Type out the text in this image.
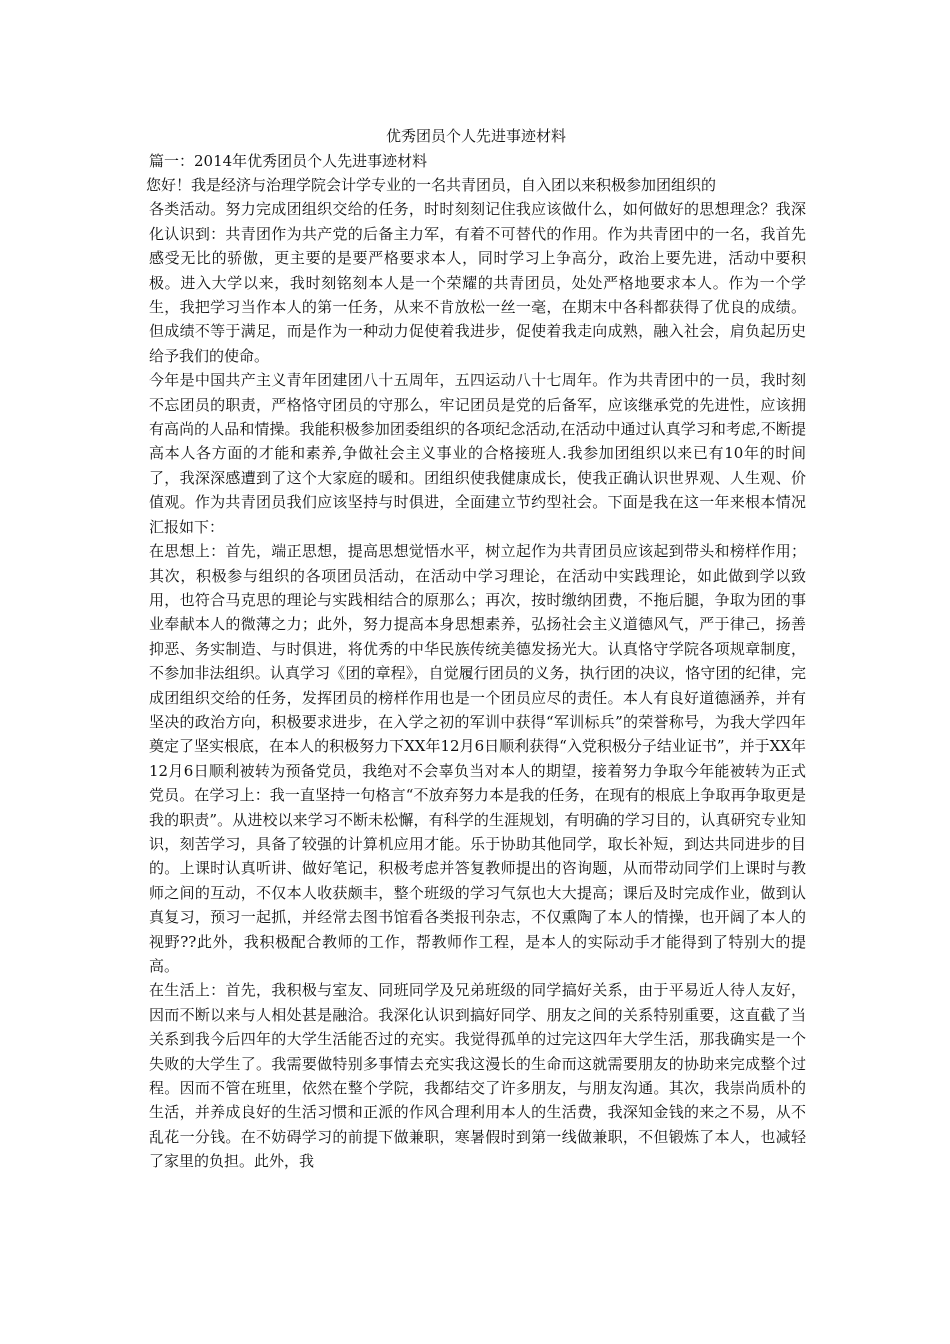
优秀团员个人先进事迹材料
篇一：2014年优秀团员个人先进事迹材料

您好！我是经济与治理学院会计学专业的一名共青团员，自入团以来积极参加团组织的

各类活动。努力完成团组织交给的任务，时时刻刻记住我应该做什么，如何做好的思想理念？我深化认识到：共青团作为共产党的后备主力军，有着不可替代的作用。作为共青团中的一名，我首先感受无比的骄傲，更主要的是要严格要求本人，同时学习上争高分，政治上要先进，活动中要积极。进入大学以来，我时刻铭刻本人是一个荣耀的共青团员，处处严格地要求本人。作为一个学生，我把学习当作本人的第一任务，从来不肯放松一丝一毫，在期末中各科都获得了优良的成绩。但成绩不等于满足，而是作为一种动力促使着我进步，促使着我走向成熟，融入社会，肩负起历史给予我们的使命。

今年是中国共产主义青年团建团八十五周年，五四运动八十七周年。作为共青团中的一员，我时刻不忘团员的职责，严格恪守团员的守那么，牢记团员是党的后备军，应该继承党的先进性，应该拥有高尚的人品和情操。我能积极参加团委组织的各项纪念活动,在活动中通过认真学习和考虑,不断提高本人各方面的才能和素养,争做社会主义事业的合格接班人.我参加团组织以来已有10年的时间了，我深深感遭到了这个大家庭的暖和。团组织使我健康成长，使我正确认识世界观、人生观、价值观。作为共青团员我们应该坚持与时俱进，全面建立节约型社会。下面是我在这一年来根本情况汇报如下：

在思想上：首先，端正思想，提高思想觉悟水平，树立起作为共青团员应该起到带头和榜样作用；其次，积极参与组织的各项团员活动，在活动中学习理论，在活动中实践理论，如此做到学以致用，也符合马克思的理论与实践相结合的原那么；再次，按时缴纳团费，不拖后腿，争取为团的事业奉献本人的微薄之力；此外，努力提高本身思想素养，弘扬社会主义道德风气，严于律己，扬善抑恶、务实制造、与时俱进，将优秀的中华民族传统美德发扬光大。认真恪守学院各项规章制度，不参加非法组织。认真学习《团的章程》，自觉履行团员的义务，执行团的决议，恪守团的纪律，完成团组织交给的任务，发挥团员的榜样作用也是一个团员应尽的责任。本人有良好道德涵养，并有坚决的政治方向，积极要求进步，在入学之初的军训中获得“军训标兵”的荣誉称号，为我大学四年奠定了坚实根底，在本人的积极努力下XX年12月6日顺利获得“入党积极分子结业证书”，并于XX年12月6日顺利被转为预备党员，我绝对不会辜负当对本人的期望，接着努力争取今年能被转为正式党员。在学习上：我一直坚持一句格言“不放弃努力本是我的任务，在现有的根底上争取再争取更是我的职责”。从进校以来学习不断未松懈，有科学的生涯规划，有明确的学习目的，认真研究专业知识，刻苦学习，具备了较强的计算机应用才能。乐于协助其他同学，取长补短，到达共同进步的目的。上课时认真听讲、做好笔记，积极考虑并答复教师提出的咨询题，从而带动同学们上课时与教师之间的互动，不仅本人收获颇丰，整个班级的学习气氛也大大提高；课后及时完成作业，做到认真复习，预习一起抓，并经常去图书馆看各类报刊杂志，不仅熏陶了本人的情操，也开阔了本人的视野??此外，我积极配合教师的工作，帮教师作工程，是本人的实际动手才能得到了特别大的提高。

在生活上：首先，我积极与室友、同班同学及兄弟班级的同学搞好关系，由于平易近人待人友好，因而不断以来与人相处甚是融洽。我深化认识到搞好同学、朋友之间的关系特别重要，这直截了当关系到我今后四年的大学生活能否过的充实。我觉得孤单的过完这四年大学生活，那我确实是一个失败的大学生了。我需要做特别多事情去充实我这漫长的生命而这就需要朋友的协助来完成整个过程。因而不管在班里，依然在整个学院，我都结交了许多朋友，与朋友沟通。其次，我崇尚质朴的生活，并养成良好的生活习惯和正派的作风合理利用本人的生活费，我深知金钱的来之不易，从不乱花一分钱。在不妨碍学习的前提下做兼职，寒暑假时到第一线做兼职，不但锻炼了本人，也减轻了家里的负担。此外，我
